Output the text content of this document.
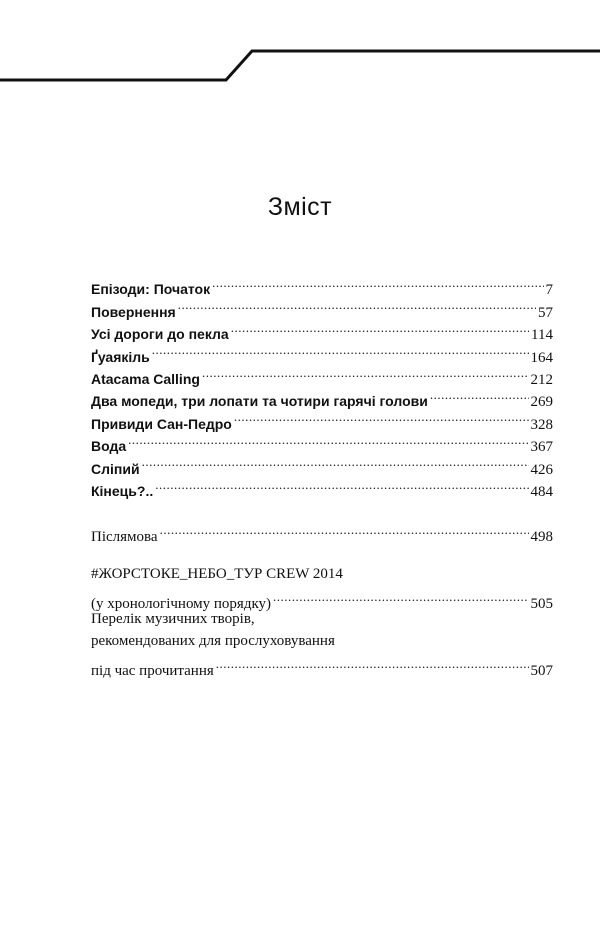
Зміст
Епізоди: Початок .....	7
Повернення .....	57
Усі дороги до пекла .....	114
Ґуаякіль .....	164
Atacama Calling .....	212
Два мопеди, три лопати та чотири гарячі голови .....	269
Привиди Сан-Педро .....	328
Вода .....	367
Сліпий .....	426
Кінець?.. .....	484
Післямова .....	498
#ЖОРСТОКЕ_НЕБО_ТУР CREW 2014
(у хронологічному порядку) .....	505
Перелік музичних творів,
рекомендованих для прослуховування
під час прочитання .....	507
